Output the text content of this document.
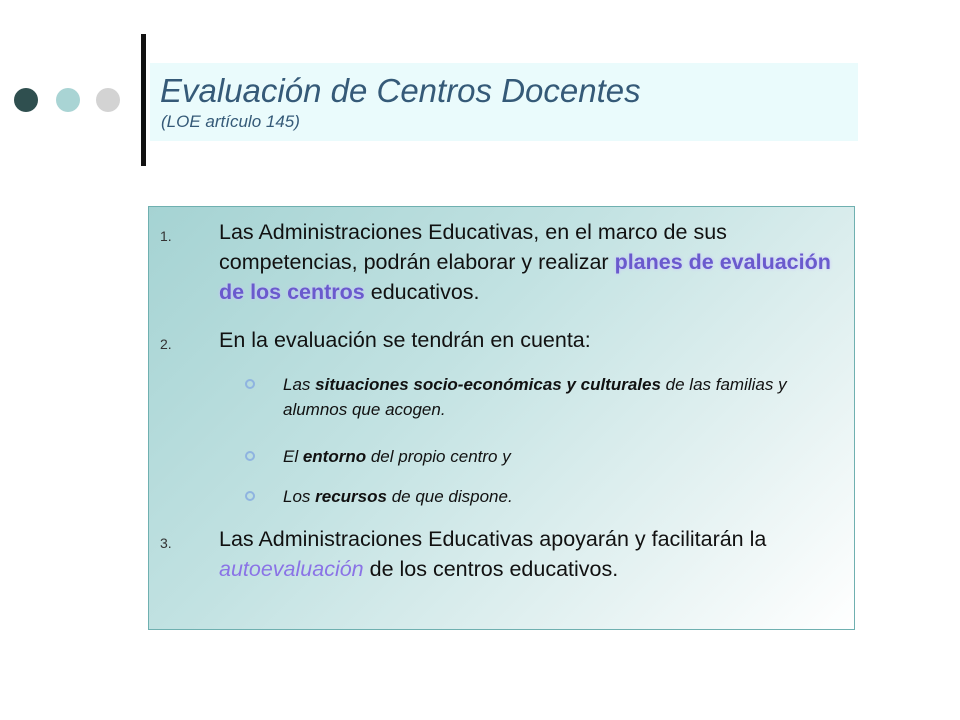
Evaluación de Centros Docentes
(LOE artículo 145)
1. Las Administraciones Educativas, en el marco de sus competencias, podrán elaborar y realizar planes de evaluación de los centros educativos.
2. En la evaluación se tendrán en cuenta:
Las situaciones socio-económicas y culturales de las familias y alumnos que acogen.
El entorno del propio centro y
Los recursos de que dispone.
3. Las Administraciones Educativas apoyarán y facilitarán la autoevaluación de los centros educativos.
